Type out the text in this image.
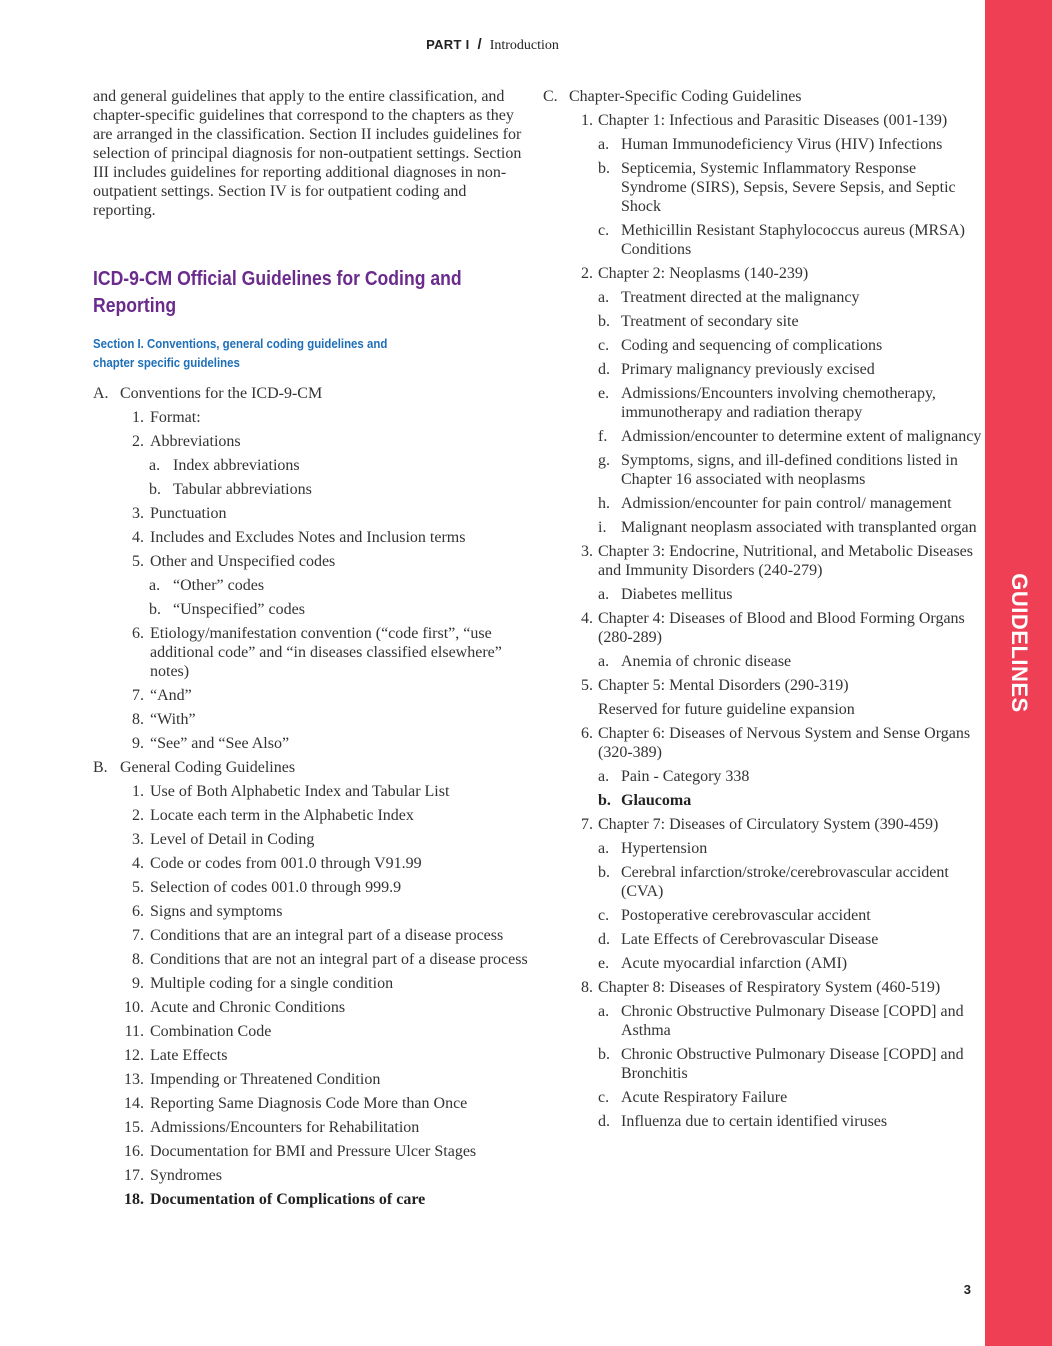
PART I / Introduction
GUIDELINES

and general guidelines that apply to the entire classification, and chapter-specific guidelines that correspond to the chapters as they are arranged in the classification. Section II includes guidelines for selection of principal diagnosis for non-outpatient settings. Section III includes guidelines for reporting additional diagnoses in non-outpatient settings. Section IV is for outpatient coding and reporting.

ICD-9-CM Official Guidelines for Coding and Reporting
Section I. Conventions, general coding guidelines and chapter specific guidelines
A. Conventions for the ICD-9-CM
1. Format:
2. Abbreviations
a. Index abbreviations
b. Tabular abbreviations
3. Punctuation
4. Includes and Excludes Notes and Inclusion terms
5. Other and Unspecified codes
a. “Other” codes
b. “Unspecified” codes
6. Etiology/manifestation convention (“code first”, “use additional code” and “in diseases classified elsewhere” notes)
7. “And”
8. “With”
9. “See” and “See Also”
B. General Coding Guidelines
1. Use of Both Alphabetic Index and Tabular List
2. Locate each term in the Alphabetic Index
3. Level of Detail in Coding
4. Code or codes from 001.0 through V91.99
5. Selection of codes 001.0 through 999.9
6. Signs and symptoms
7. Conditions that are an integral part of a disease process
8. Conditions that are not an integral part of a disease process
9. Multiple coding for a single condition
10. Acute and Chronic Conditions
11. Combination Code
12. Late Effects
13. Impending or Threatened Condition
14. Reporting Same Diagnosis Code More than Once
15. Admissions/Encounters for Rehabilitation
16. Documentation for BMI and Pressure Ulcer Stages
17. Syndromes
18. Documentation of Complications of care
C. Chapter-Specific Coding Guidelines
1. Chapter 1: Infectious and Parasitic Diseases (001-139)
a. Human Immunodeficiency Virus (HIV) Infections
b. Septicemia, Systemic Inflammatory Response Syndrome (SIRS), Sepsis, Severe Sepsis, and Septic Shock
c. Methicillin Resistant Staphylococcus aureus (MRSA) Conditions
2. Chapter 2: Neoplasms (140-239)
a. Treatment directed at the malignancy
b. Treatment of secondary site
c. Coding and sequencing of complications
d. Primary malignancy previously excised
e. Admissions/Encounters involving chemotherapy, immunotherapy and radiation therapy
f. Admission/encounter to determine extent of malignancy
g. Symptoms, signs, and ill-defined conditions listed in Chapter 16 associated with neoplasms
h. Admission/encounter for pain control/ management
i. Malignant neoplasm associated with transplanted organ
3. Chapter 3: Endocrine, Nutritional, and Metabolic Diseases and Immunity Disorders (240-279)
a. Diabetes mellitus
4. Chapter 4: Diseases of Blood and Blood Forming Organs (280-289)
a. Anemia of chronic disease
5. Chapter 5: Mental Disorders (290-319)
Reserved for future guideline expansion
6. Chapter 6: Diseases of Nervous System and Sense Organs (320-389)
a. Pain - Category 338
b. Glaucoma
7. Chapter 7: Diseases of Circulatory System (390-459)
a. Hypertension
b. Cerebral infarction/stroke/cerebrovascular accident (CVA)
c. Postoperative cerebrovascular accident
d. Late Effects of Cerebrovascular Disease
e. Acute myocardial infarction (AMI)
8. Chapter 8: Diseases of Respiratory System (460-519)
a. Chronic Obstructive Pulmonary Disease [COPD] and Asthma
b. Chronic Obstructive Pulmonary Disease [COPD] and Bronchitis
c. Acute Respiratory Failure
d. Influenza due to certain identified viruses
3
